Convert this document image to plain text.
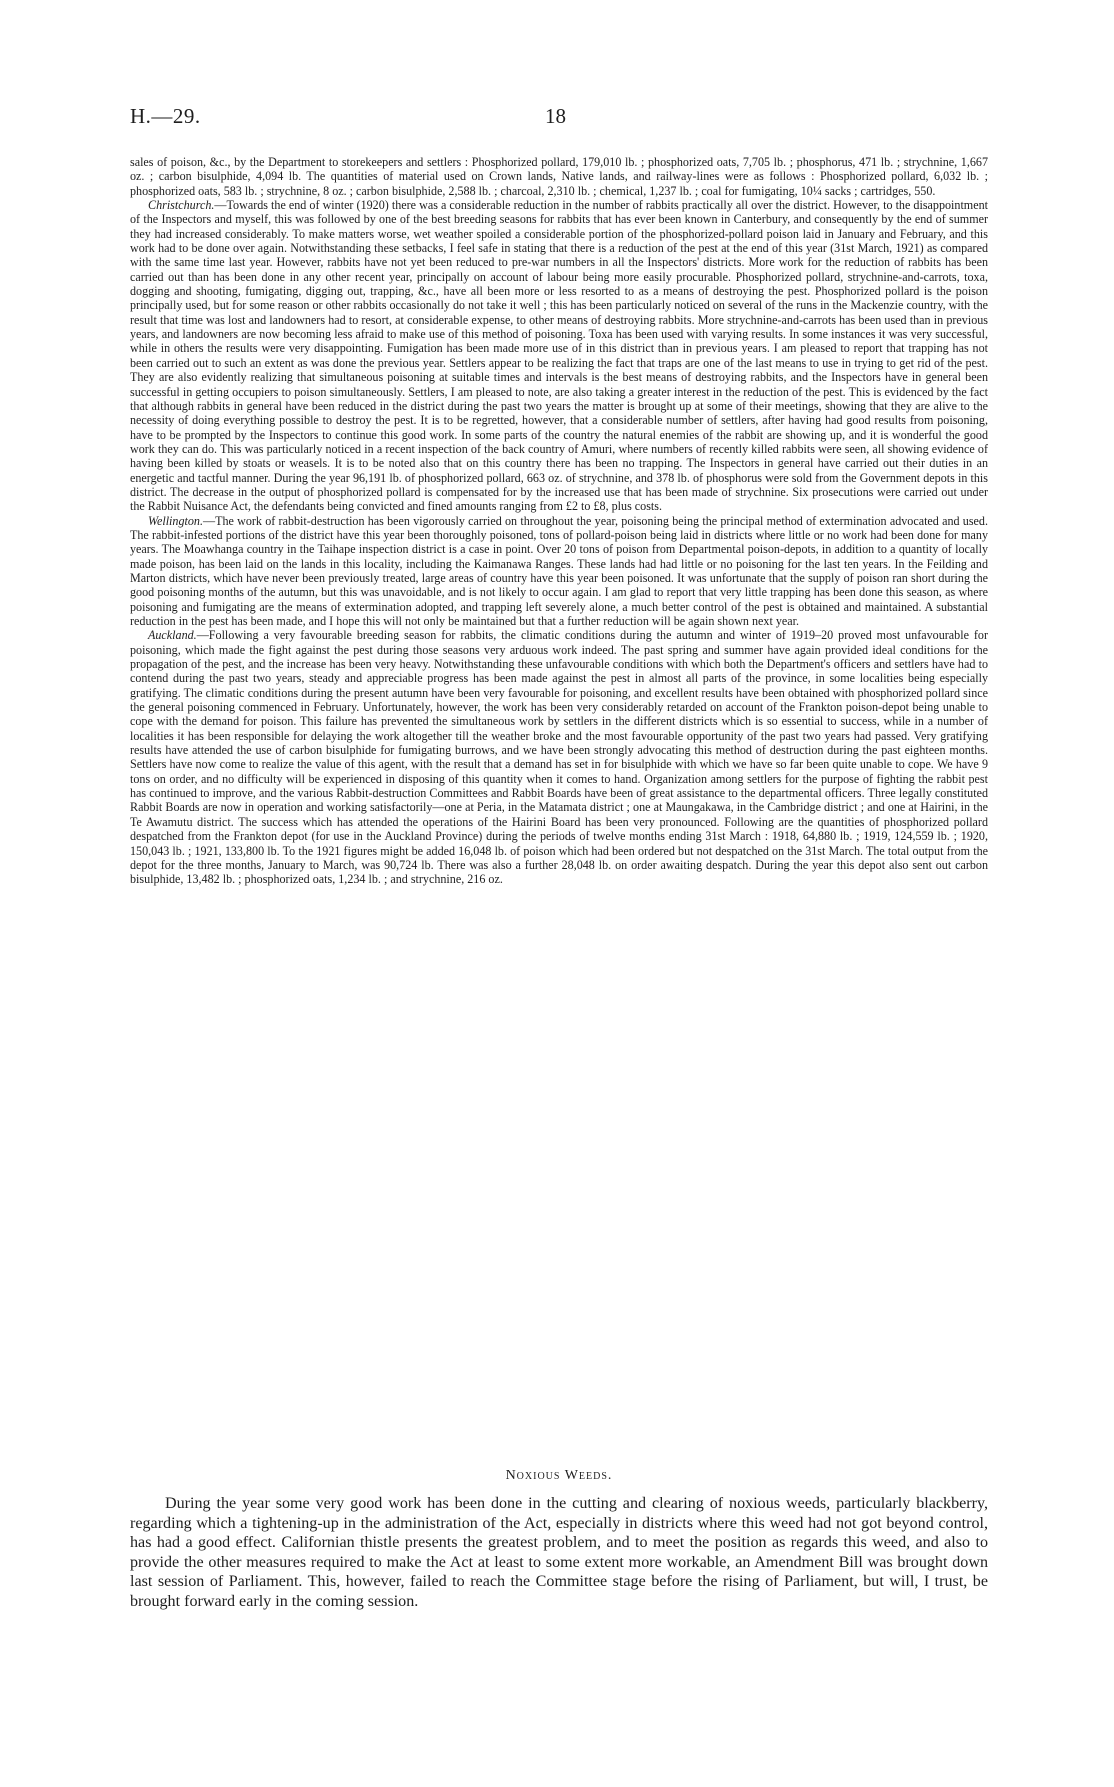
H.—29.	18

sales of poison, &c., by the Department to storekeepers and settlers : Phosphorized pollard, 179,010 lb. ; phosphorized oats, 7,705 lb. ; phosphorus, 471 lb. ; strychnine, 1,667 oz. ; carbon bisulphide, 4,094 lb. The quantities of material used on Crown lands, Native lands, and railway-lines were as follows : Phosphorized pollard, 6,032 lb. ; phosphorized oats, 583 lb. ; strychnine, 8 oz. ; carbon bisulphide, 2,588 lb. ; charcoal, 2,310 lb. ; chemical, 1,237 lb. ; coal for fumigating, 10¼ sacks ; cartridges, 550.

Christchurch.—Towards the end of winter (1920) there was a considerable reduction in the number of rabbits practically all over the district. However, to the disappointment of the Inspectors and myself, this was followed by one of the best breeding seasons for rabbits that has ever been known in Canterbury, and consequently by the end of summer they had increased considerably. To make matters worse, wet weather spoiled a considerable portion of the phosphorized-pollard poison laid in January and February, and this work had to be done over again. Notwithstanding these setbacks, I feel safe in stating that there is a reduction of the pest at the end of this year (31st March, 1921) as compared with the same time last year. However, rabbits have not yet been reduced to pre-war numbers in all the Inspectors' districts. More work for the reduction of rabbits has been carried out than has been done in any other recent year, principally on account of labour being more easily procurable. Phosphorized pollard, strychnine-and-carrots, toxa, dogging and shooting, fumigating, digging out, trapping, &c., have all been more or less resorted to as a means of destroying the pest. Phosphorized pollard is the poison principally used, but for some reason or other rabbits occasionally do not take it well ; this has been particularly noticed on several of the runs in the Mackenzie country, with the result that time was lost and landowners had to resort, at considerable expense, to other means of destroying rabbits. More strychnine-and-carrots has been used than in previous years, and landowners are now becoming less afraid to make use of this method of poisoning. Toxa has been used with varying results. In some instances it was very successful, while in others the results were very disappointing. Fumigation has been made more use of in this district than in previous years. I am pleased to report that trapping has not been carried out to such an extent as was done the previous year. Settlers appear to be realizing the fact that traps are one of the last means to use in trying to get rid of the pest. They are also evidently realizing that simultaneous poisoning at suitable times and intervals is the best means of destroying rabbits, and the Inspectors have in general been successful in getting occupiers to poison simultaneously. Settlers, I am pleased to note, are also taking a greater interest in the reduction of the pest. This is evidenced by the fact that although rabbits in general have been reduced in the district during the past two years the matter is brought up at some of their meetings, showing that they are alive to the necessity of doing everything possible to destroy the pest. It is to be regretted, however, that a considerable number of settlers, after having had good results from poisoning, have to be prompted by the Inspectors to continue this good work. In some parts of the country the natural enemies of the rabbit are showing up, and it is wonderful the good work they can do. This was particularly noticed in a recent inspection of the back country of Amuri, where numbers of recently killed rabbits were seen, all showing evidence of having been killed by stoats or weasels. It is to be noted also that on this country there has been no trapping. The Inspectors in general have carried out their duties in an energetic and tactful manner. During the year 96,191 lb. of phosphorized pollard, 663 oz. of strychnine, and 378 lb. of phosphorus were sold from the Government depots in this district. The decrease in the output of phosphorized pollard is compensated for by the increased use that has been made of strychnine. Six prosecutions were carried out under the Rabbit Nuisance Act, the defendants being convicted and fined amounts ranging from £2 to £8, plus costs.

Wellington.—The work of rabbit-destruction has been vigorously carried on throughout the year, poisoning being the principal method of extermination advocated and used. The rabbit-infested portions of the district have this year been thoroughly poisoned, tons of pollard-poison being laid in districts where little or no work had been done for many years. The Moawhanga country in the Taihape inspection district is a case in point. Over 20 tons of poison from Departmental poison-depots, in addition to a quantity of locally made poison, has been laid on the lands in this locality, including the Kaimanawa Ranges. These lands had had little or no poisoning for the last ten years. In the Feilding and Marton districts, which have never been previously treated, large areas of country have this year been poisoned. It was unfortunate that the supply of poison ran short during the good poisoning months of the autumn, but this was unavoidable, and is not likely to occur again. I am glad to report that very little trapping has been done this season, as where poisoning and fumigating are the means of extermination adopted, and trapping left severely alone, a much better control of the pest is obtained and maintained. A substantial reduction in the pest has been made, and I hope this will not only be maintained but that a further reduction will be again shown next year.

Auckland.—Following a very favourable breeding season for rabbits, the climatic conditions during the autumn and winter of 1919–20 proved most unfavourable for poisoning, which made the fight against the pest during those seasons very arduous work indeed. The past spring and summer have again provided ideal conditions for the propagation of the pest, and the increase has been very heavy. Notwithstanding these unfavourable conditions with which both the Department's officers and settlers have had to contend during the past two years, steady and appreciable progress has been made against the pest in almost all parts of the province, in some localities being especially gratifying. The climatic conditions during the present autumn have been very favourable for poisoning, and excellent results have been obtained with phosphorized pollard since the general poisoning commenced in February. Unfortunately, however, the work has been very considerably retarded on account of the Frankton poison-depot being unable to cope with the demand for poison. This failure has prevented the simultaneous work by settlers in the different districts which is so essential to success, while in a number of localities it has been responsible for delaying the work altogether till the weather broke and the most favourable opportunity of the past two years had passed. Very gratifying results have attended the use of carbon bisulphide for fumigating burrows, and we have been strongly advocating this method of destruction during the past eighteen months. Settlers have now come to realize the value of this agent, with the result that a demand has set in for bisulphide with which we have so far been quite unable to cope. We have 9 tons on order, and no difficulty will be experienced in disposing of this quantity when it comes to hand. Organization among settlers for the purpose of fighting the rabbit pest has continued to improve, and the various Rabbit-destruction Committees and Rabbit Boards have been of great assistance to the departmental officers. Three legally constituted Rabbit Boards are now in operation and working satisfactorily—one at Peria, in the Matamata district ; one at Maungakawa, in the Cambridge district ; and one at Hairini, in the Te Awamutu district. The success which has attended the operations of the Hairini Board has been very pronounced. Following are the quantities of phosphorized pollard despatched from the Frankton depot (for use in the Auckland Province) during the periods of twelve months ending 31st March : 1918, 64,880 lb. ; 1919, 124,559 lb. ; 1920, 150,043 lb. ; 1921, 133,800 lb. To the 1921 figures might be added 16,048 lb. of poison which had been ordered but not despatched on the 31st March. The total output from the depot for the three months, January to March, was 90,724 lb. There was also a further 28,048 lb. on order awaiting despatch. During the year this depot also sent out carbon bisulphide, 13,482 lb. ; phosphorized oats, 1,234 lb. ; and strychnine, 216 oz.

Noxious Weeds.

During the year some very good work has been done in the cutting and clearing of noxious weeds, particularly blackberry, regarding which a tightening-up in the administration of the Act, especially in districts where this weed had not got beyond control, has had a good effect. Californian thistle presents the greatest problem, and to meet the position as regards this weed, and also to provide the other measures required to make the Act at least to some extent more workable, an Amendment Bill was brought down last session of Parliament. This, however, failed to reach the Committee stage before the rising of Parliament, but will, I trust, be brought forward early in the coming session.
